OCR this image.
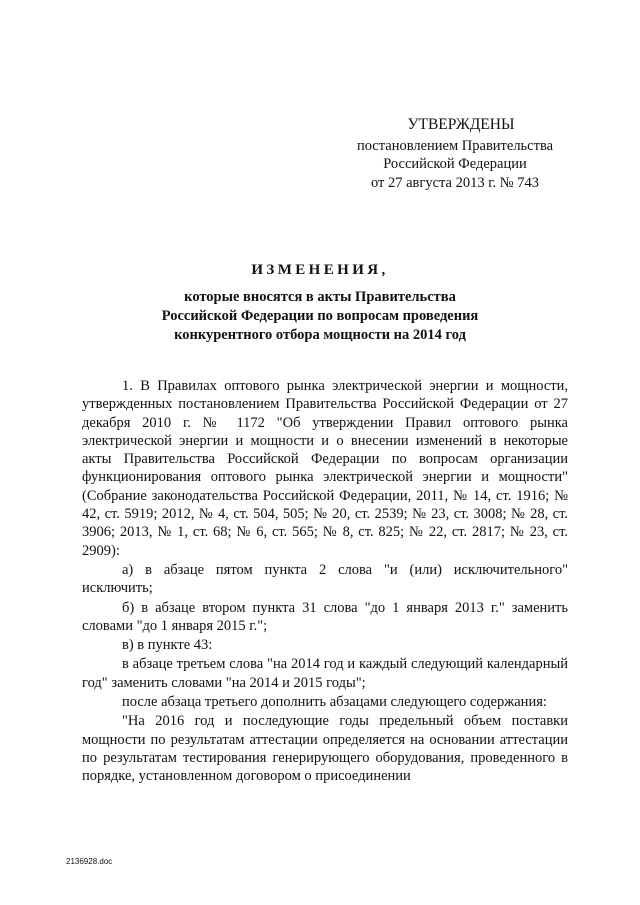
УТВЕРЖДЕНЫ
постановлением Правительства
Российской Федерации
от 27 августа 2013 г. № 743
ИЗМЕНЕНИЯ,
которые вносятся в акты Правительства
Российской Федерации по вопросам проведения
конкурентного отбора мощности на 2014 год

1. В Правилах оптового рынка электрической энергии и мощности, утвержденных постановлением Правительства Российской Федерации от 27 декабря 2010 г. № 1172 "Об утверждении Правил оптового рынка электрической энергии и мощности и о внесении изменений в некоторые акты Правительства Российской Федерации по вопросам организации функционирования оптового рынка электрической энергии и мощности" (Собрание законодательства Российской Федерации, 2011, № 14, ст. 1916; № 42, ст. 5919; 2012, № 4, ст. 504, 505; № 20, ст. 2539; № 23, ст. 3008; № 28, ст. 3906; 2013, № 1, ст. 68; № 6, ст. 565; № 8, ст. 825; № 22, ст. 2817; № 23, ст. 2909):

а) в абзаце пятом пункта 2 слова "и (или) исключительного" исключить;

б) в абзаце втором пункта 31 слова "до 1 января 2013 г." заменить словами "до 1 января 2015 г.";

в) в пункте 43:

в абзаце третьем слова "на 2014 год и каждый следующий календарный год" заменить словами "на 2014 и 2015 годы";

после абзаца третьего дополнить абзацами следующего содержания:

"На 2016 год и последующие годы предельный объем поставки мощности по результатам аттестации определяется на основании аттестации по результатам тестирования генерирующего оборудования, проведенного в порядке, установленном договором о присоединении

2136928.doc
